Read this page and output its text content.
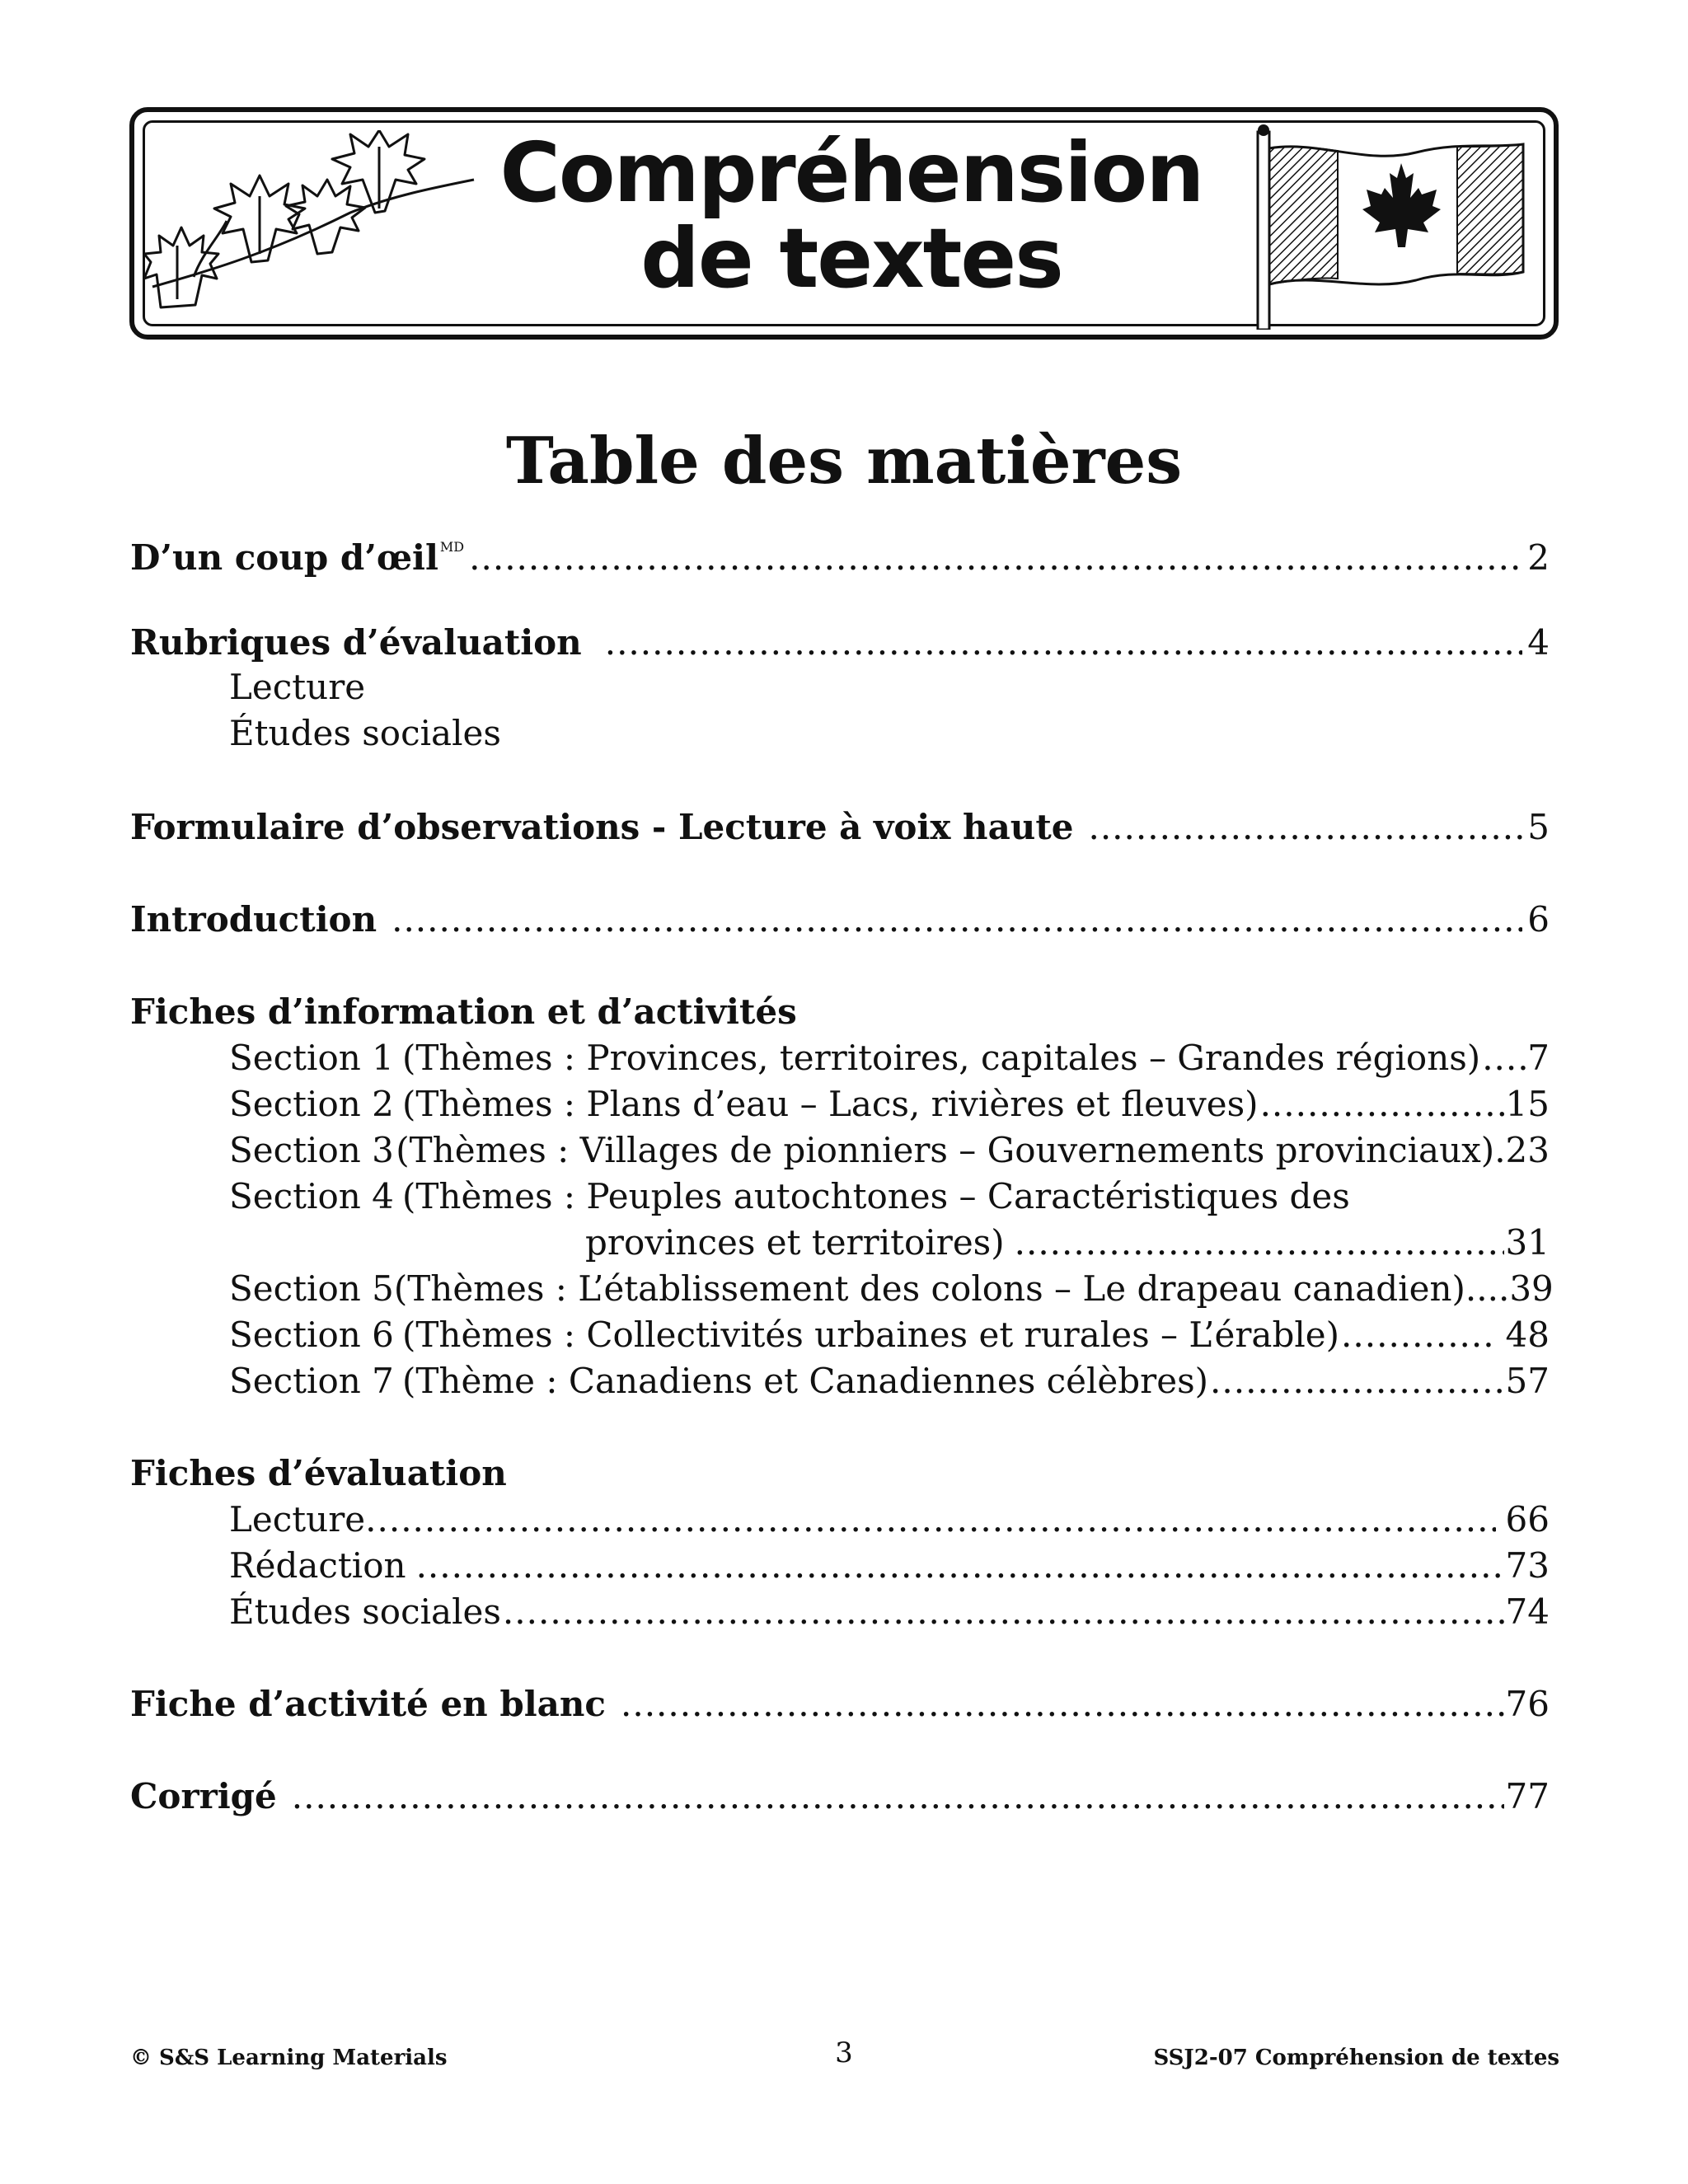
Compréhension
de textes
Table des matières
D’un coup d’œil $^{MD}$ .....	2
Rubriques d’évaluation .....	4
Lecture
Études sociales
Formulaire d’observations - Lecture à voix haute .....	5
Introduction .....	6
Fiches d’information et d’activités
Section 1 (Thèmes : Provinces, territoires, capitales – Grandes régions) ..... 7
Section 2 (Thèmes : Plans d’eau – Lacs, rivières et fleuves) .....	15
Section 3 (Thèmes : Villages de pionniers – Gouvernements provinciaux). 23
Section 4 (Thèmes : Peuples autochtones – Caractéristiques des
provinces et territoires) .....	31
Section 5 (Thèmes : L’établissement des colons – Le drapeau canadien).... 39
Section 6 (Thèmes : Collectivités urbaines et rurales – L’érable) .....	48
Section 7 (Thème : Canadiens et Canadiennes célèbres) .....	57
Fiches d’évaluation
Lecture .....	66
Rédaction .....	73
Études sociales .....	74
Fiche d’activité en blanc .....	76
Corrigé .....	77
© S&S Learning Materials	3	SSJ2-07 Compréhension de textes
